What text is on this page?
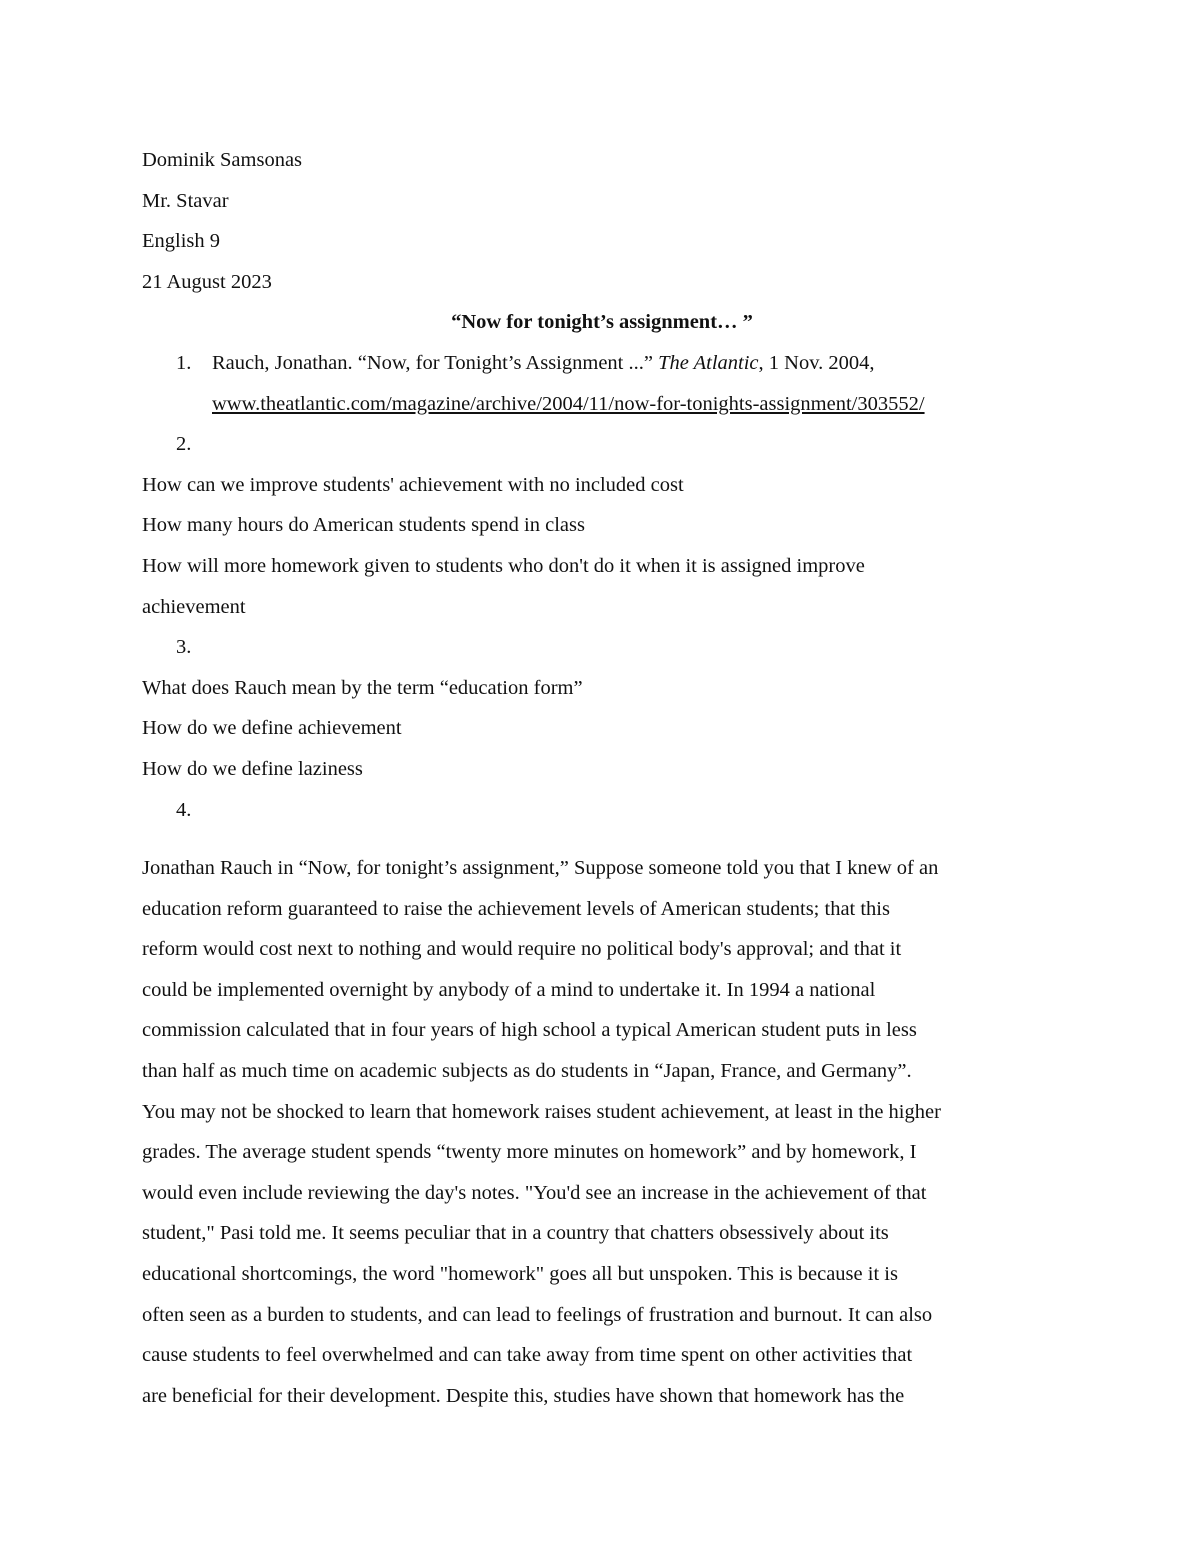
Dominik Samsonas

Mr. Stavar

English 9

21 August 2023

“Now for tonight’s assignment… ”

1. Rauch, Jonathan. “Now, for Tonight’s Assignment ...” The Atlantic, 1 Nov. 2004,

www.theatlantic.com/magazine/archive/2004/11/now-for-tonights-assignment/303552/

2.

How can we improve students' achievement with no included cost

How many hours do American students spend in class

How will more homework given to students who don't do it when it is assigned improve

achievement

3.

What does Rauch mean by the term “education form”

How do we define achievement

How do we define laziness

4.

Jonathan Rauch in “Now, for tonight’s assignment,” Suppose someone told you that I knew of an
education reform guaranteed to raise the achievement levels of American students; that this
reform would cost next to nothing and would require no political body's approval; and that it
could be implemented overnight by anybody of a mind to undertake it. In 1994 a national
commission calculated that in four years of high school a typical American student puts in less
than half as much time on academic subjects as do students in “Japan, France, and Germany”.
You may not be shocked to learn that homework raises student achievement, at least in the higher
grades. The average student spends “twenty more minutes on homework” and by homework, I
would even include reviewing the day's notes. "You'd see an increase in the achievement of that
student," Pasi told me. It seems peculiar that in a country that chatters obsessively about its
educational shortcomings, the word "homework" goes all but unspoken. This is because it is
often seen as a burden to students, and can lead to feelings of frustration and burnout. It can also
cause students to feel overwhelmed and can take away from time spent on other activities that
are beneficial for their development. Despite this, studies have shown that homework has the
